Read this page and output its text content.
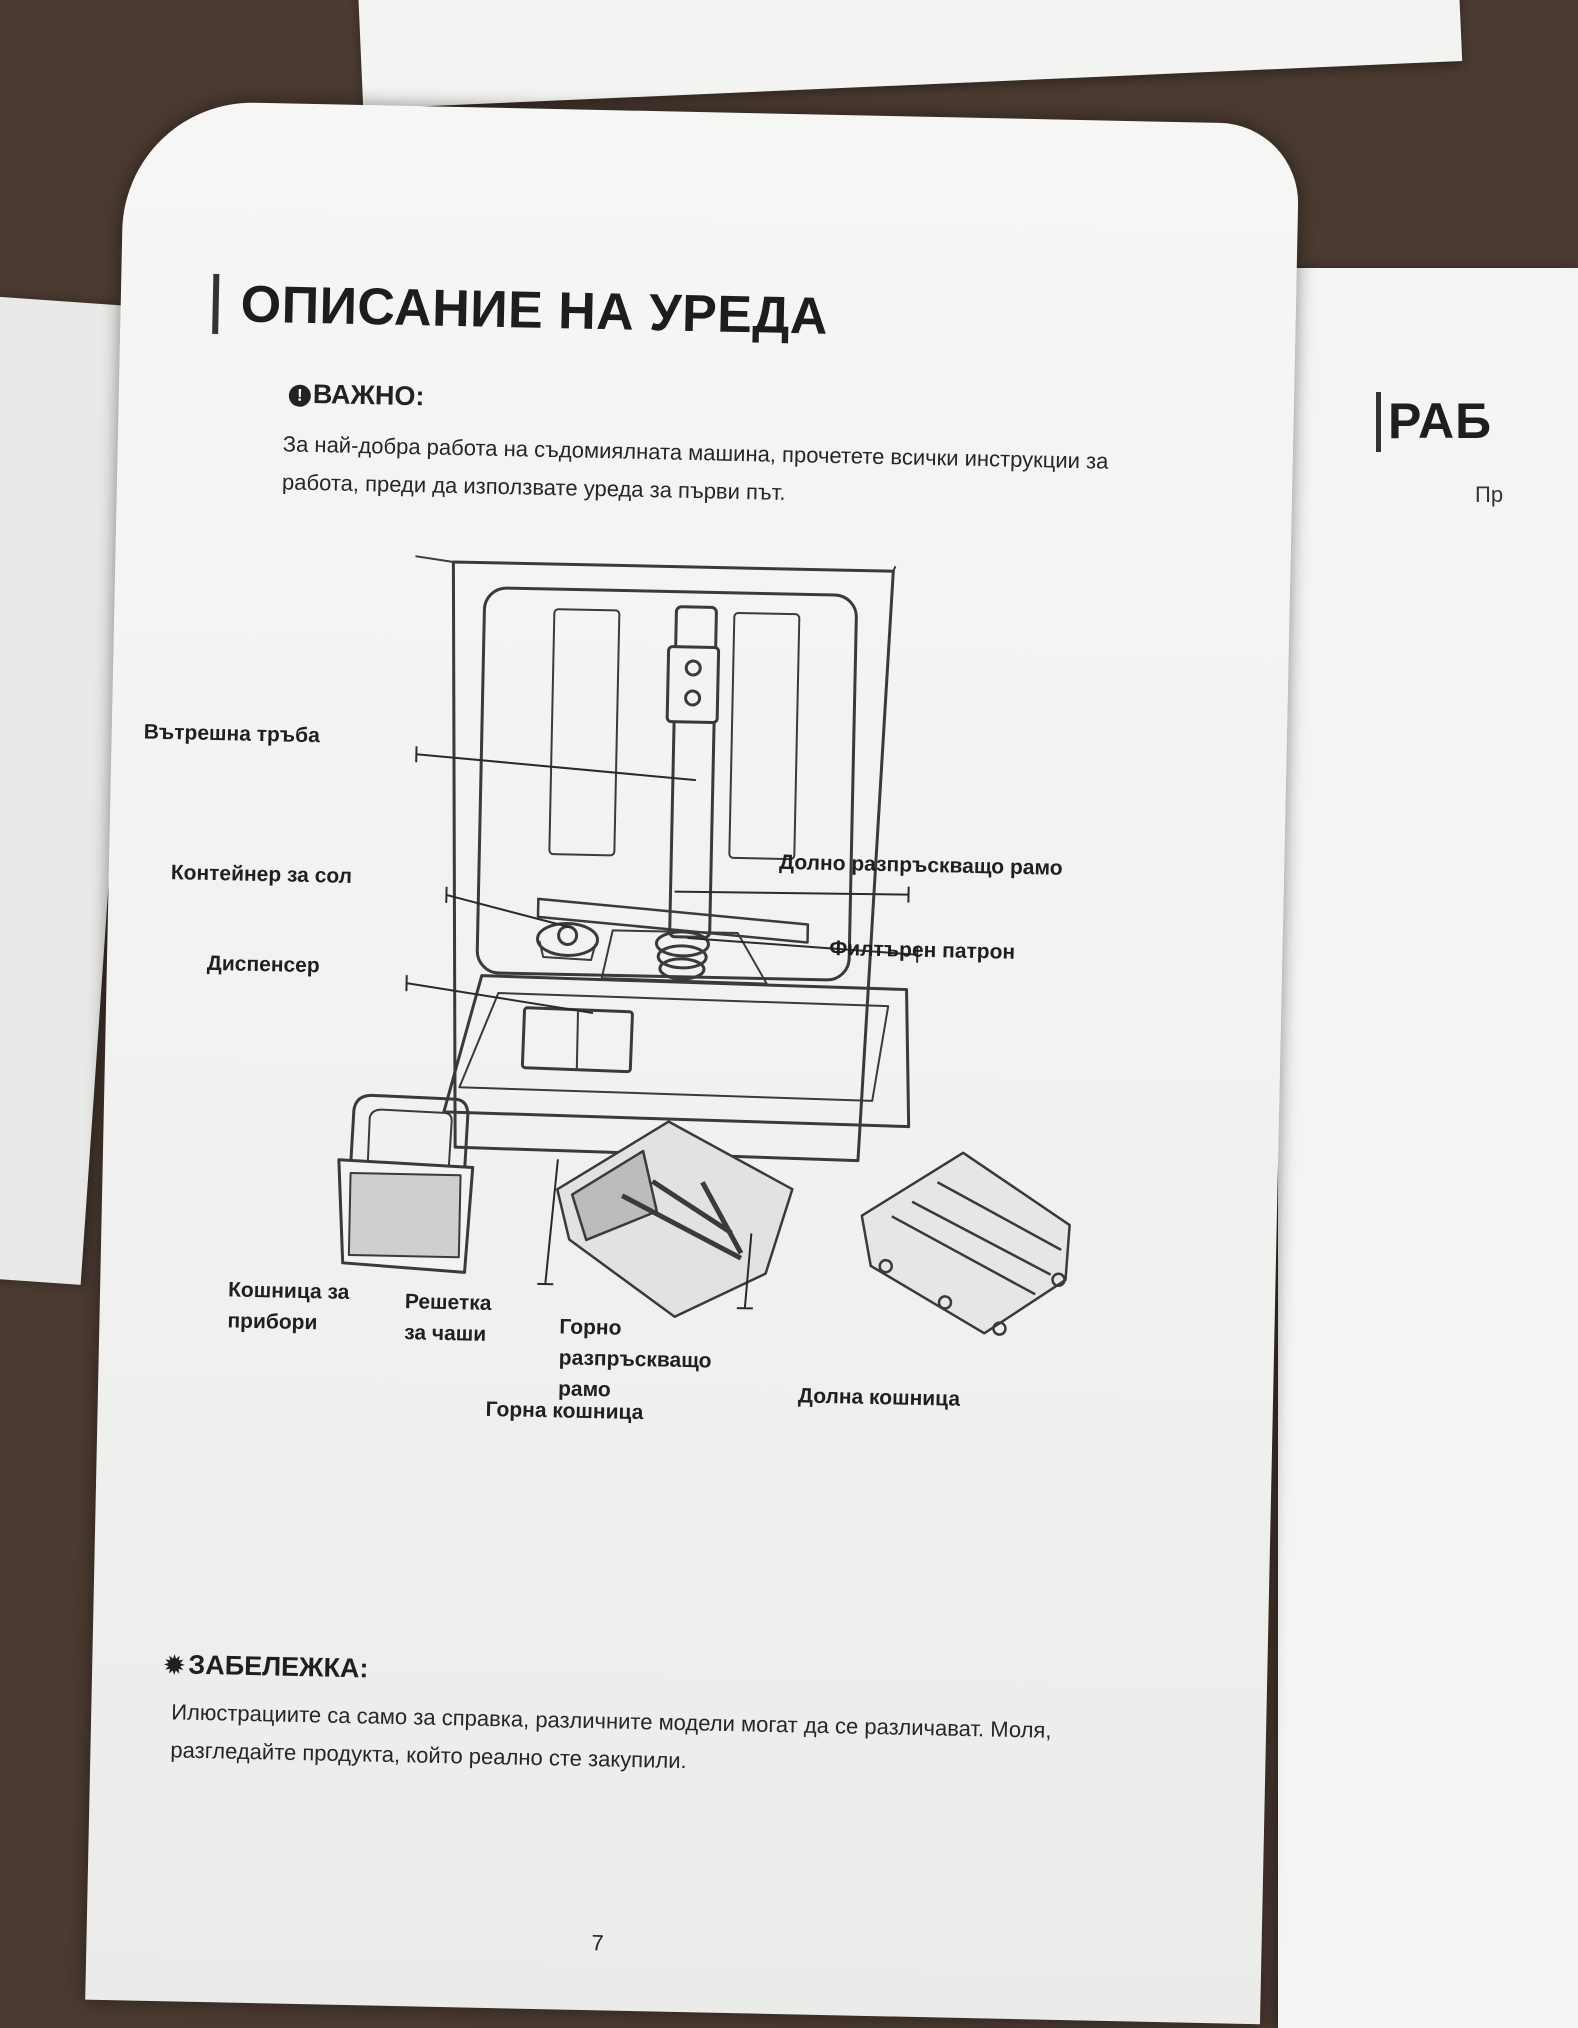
РАБ
Пр
ОПИСАНИЕ НА УРЕДА
! ВАЖНО:
За най-добра работа на съдомиялната машина, прочетете всички инструкции за работа, преди да използвате уреда за първи път.
Вътрешна тръба
Долно разпръскващо рамо
Контейнер за сол
Филтърен патрон
Диспенсер
Кошница за
прибори
Решетка
за чаши	Горно
разпръскващо
рамо
Горна кошница
Долна кошница
✹ ЗАБЕЛЕЖКА:
Илюстрациите са само за справка, различните модели могат да се различават. Моля, разгледайте продукта, който реално сте закупили.
7
